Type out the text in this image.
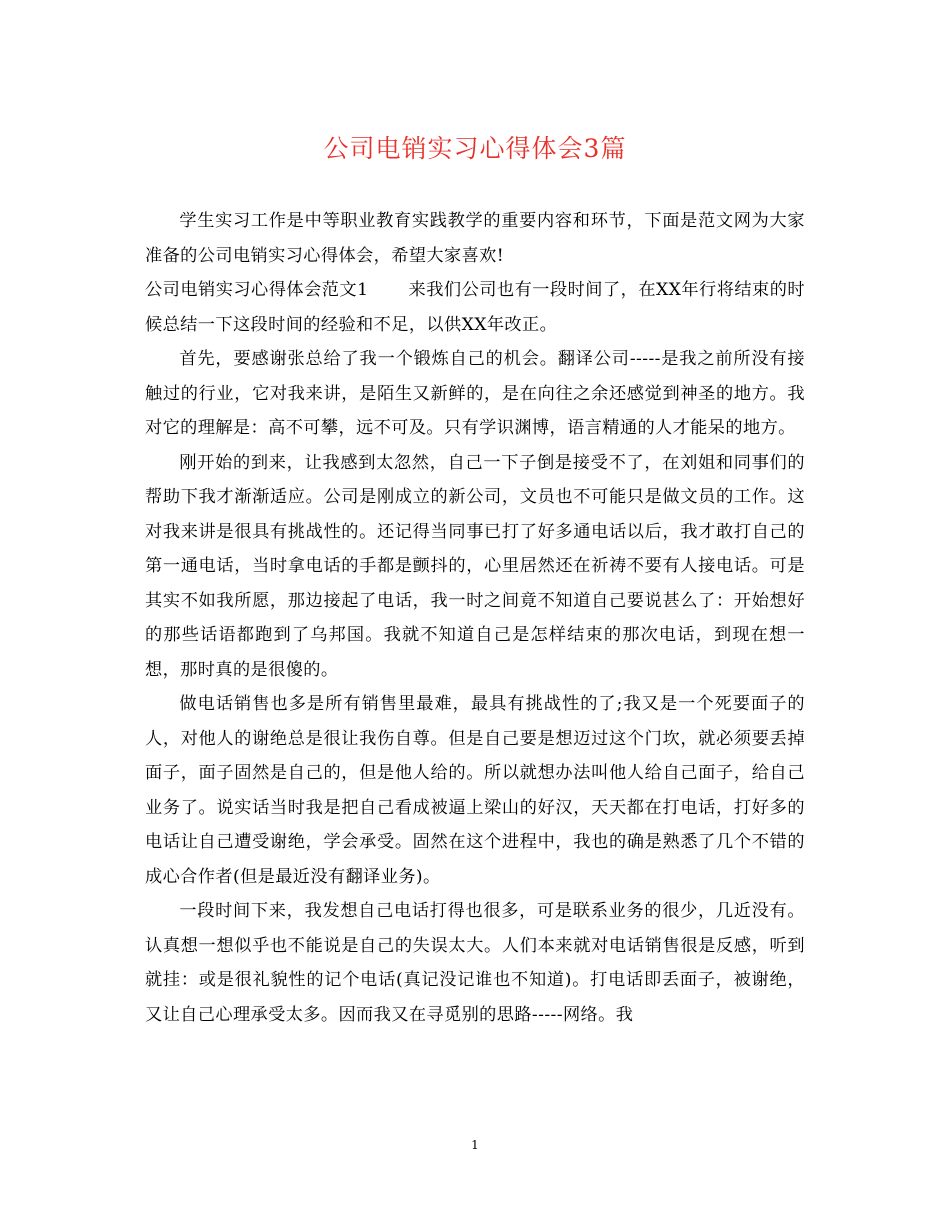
公司电销实习心得体会3篇

学生实习工作是中等职业教育实践教学的重要内容和环节，下面是范文网为大家准备的公司电销实习心得体会，希望大家喜欢!

公司电销实习心得体会范文1 来我们公司也有一段时间了，在XX年行将结束的时候总结一下这段时间的经验和不足，以供XX年改正。

首先，要感谢张总给了我一个锻炼自己的机会。翻译公司-----是我之前所没有接触过的行业，它对我来讲，是陌生又新鲜的，是在向往之余还感觉到神圣的地方。我对它的理解是：高不可攀，远不可及。只有学识渊博，语言精通的人才能呆的地方。

刚开始的到来，让我感到太忽然，自己一下子倒是接受不了，在刘姐和同事们的帮助下我才渐渐适应。公司是刚成立的新公司，文员也不可能只是做文员的工作。这对我来讲是很具有挑战性的。还记得当同事已打了好多通电话以后，我才敢打自己的第一通电话，当时拿电话的手都是颤抖的，心里居然还在祈祷不要有人接电话。可是其实不如我所愿，那边接起了电话，我一时之间竟不知道自己要说甚么了：开始想好的那些话语都跑到了乌邦国。我就不知道自己是怎样结束的那次电话，到现在想一想，那时真的是很傻的。

做电话销售也多是所有销售里最难，最具有挑战性的了;我又是一个死要面子的人，对他人的谢绝总是很让我伤自尊。但是自己要是想迈过这个门坎，就必须要丢掉面子，面子固然是自己的，但是他人给的。所以就想办法叫他人给自己面子，给自己业务了。说实话当时我是把自己看成被逼上梁山的好汉，天天都在打电话，打好多的电话让自己遭受谢绝，学会承受。固然在这个进程中，我也的确是熟悉了几个不错的成心合作者(但是最近没有翻译业务)。

一段时间下来，我发想自己电话打得也很多，可是联系业务的很少，几近没有。认真想一想似乎也不能说是自己的失误太大。人们本来就对电话销售很是反感，听到就挂：或是很礼貌性的记个电话(真记没记谁也不知道)。打电话即丢面子，被谢绝，又让自己心理承受太多。因而我又在寻觅别的思路-----网络。我

1
